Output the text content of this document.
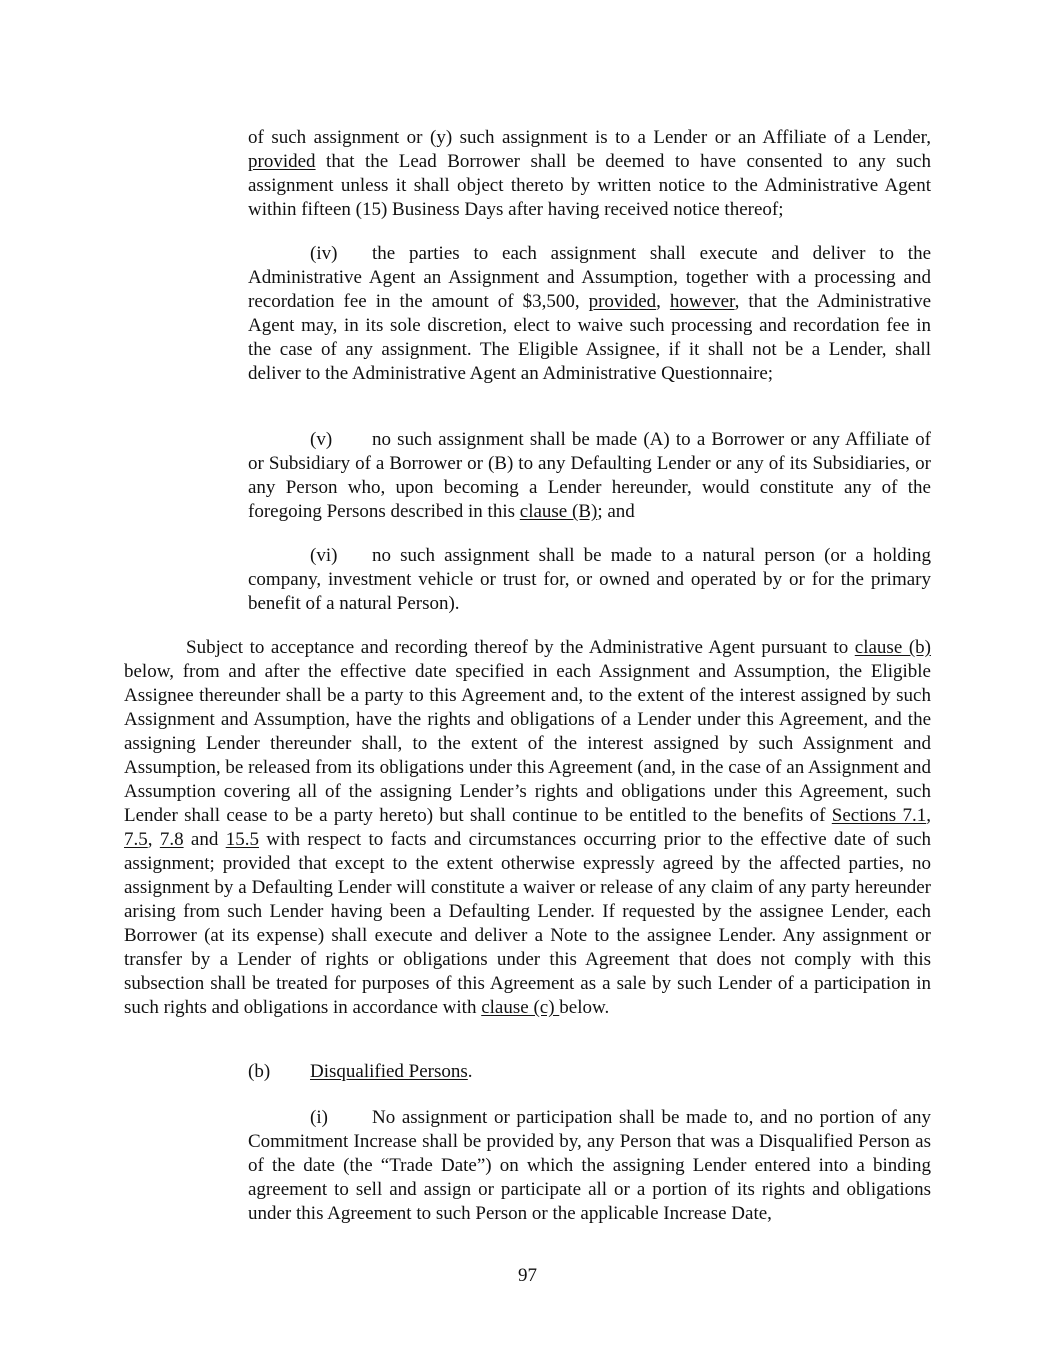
of such assignment or (y) such assignment is to a Lender or an Affiliate of a Lender, provided that the Lead Borrower shall be deemed to have consented to any such assignment unless it shall object thereto by written notice to the Administrative Agent within fifteen (15) Business Days after having received notice thereof;

(iv) the parties to each assignment shall execute and deliver to the Administrative Agent an Assignment and Assumption, together with a processing and recordation fee in the amount of $3,500, provided, however, that the Administrative Agent may, in its sole discretion, elect to waive such processing and recordation fee in the case of any assignment. The Eligible Assignee, if it shall not be a Lender, shall deliver to the Administrative Agent an Administrative Questionnaire;

(v) no such assignment shall be made (A) to a Borrower or any Affiliate of or Subsidiary of a Borrower or (B) to any Defaulting Lender or any of its Subsidiaries, or any Person who, upon becoming a Lender hereunder, would constitute any of the foregoing Persons described in this clause (B); and

(vi) no such assignment shall be made to a natural person (or a holding company, investment vehicle or trust for, or owned and operated by or for the primary benefit of a natural Person).

Subject to acceptance and recording thereof by the Administrative Agent pursuant to clause (b) below, from and after the effective date specified in each Assignment and Assumption, the Eligible Assignee thereunder shall be a party to this Agreement and, to the extent of the interest assigned by such Assignment and Assumption, have the rights and obligations of a Lender under this Agreement, and the assigning Lender thereunder shall, to the extent of the interest assigned by such Assignment and Assumption, be released from its obligations under this Agreement (and, in the case of an Assignment and Assumption covering all of the assigning Lender’s rights and obligations under this Agreement, such Lender shall cease to be a party hereto) but shall continue to be entitled to the benefits of Sections 7.1, 7.5, 7.8 and 15.5 with respect to facts and circumstances occurring prior to the effective date of such assignment; provided that except to the extent otherwise expressly agreed by the affected parties, no assignment by a Defaulting Lender will constitute a waiver or release of any claim of any party hereunder arising from such Lender having been a Defaulting Lender. If requested by the assignee Lender, each Borrower (at its expense) shall execute and deliver a Note to the assignee Lender. Any assignment or transfer by a Lender of rights or obligations under this Agreement that does not comply with this subsection shall be treated for purposes of this Agreement as a sale by such Lender of a participation in such rights and obligations in accordance with clause (c) below.

(b) Disqualified Persons.

(i) No assignment or participation shall be made to, and no portion of any Commitment Increase shall be provided by, any Person that was a Disqualified Person as of the date (the “Trade Date”) on which the assigning Lender entered into a binding agreement to sell and assign or participate all or a portion of its rights and obligations under this Agreement to such Person or the applicable Increase Date,

97
